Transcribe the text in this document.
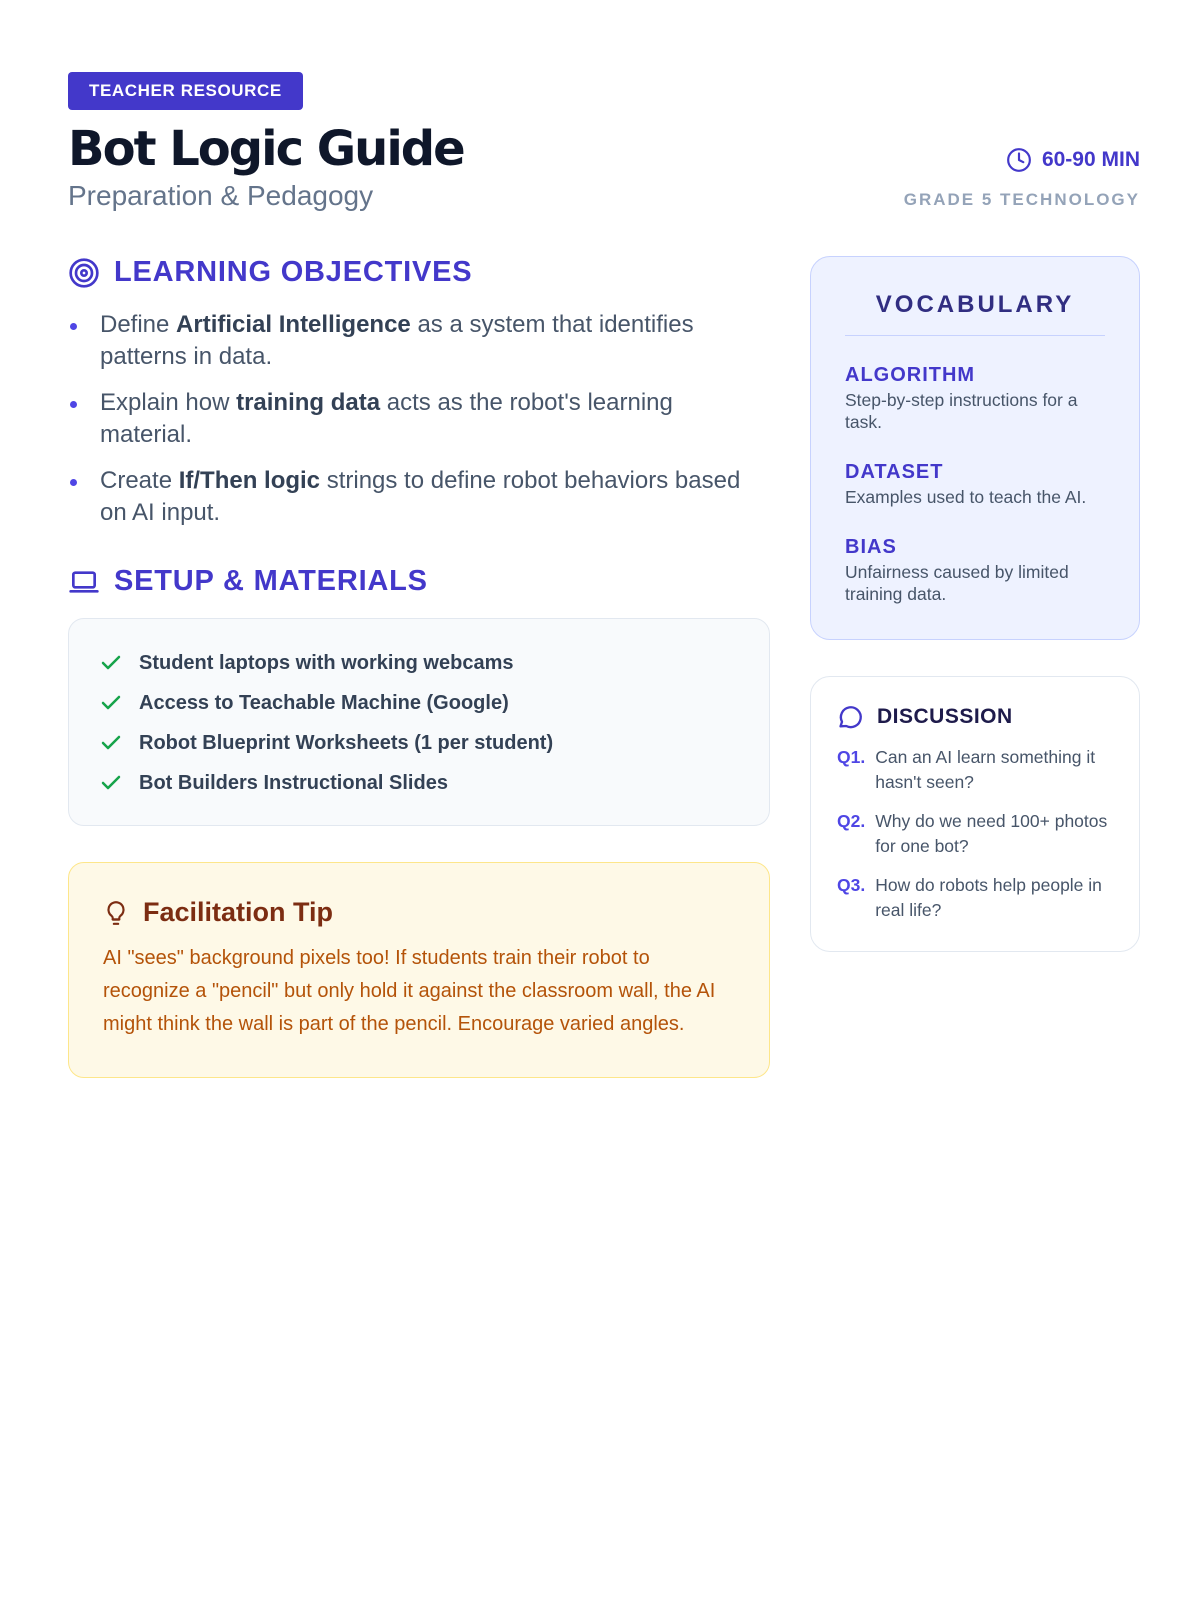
TEACHER RESOURCE
Bot Logic Guide
Preparation & Pedagogy
60-90 MIN
GRADE 5 TECHNOLOGY
LEARNING OBJECTIVES
Define Artificial Intelligence as a system that identifies patterns in data.
Explain how training data acts as the robot's learning material.
Create If/Then logic strings to define robot behaviors based on AI input.
SETUP & MATERIALS
Student laptops with working webcams
Access to Teachable Machine (Google)
Robot Blueprint Worksheets (1 per student)
Bot Builders Instructional Slides
Facilitation Tip

AI "sees" background pixels too! If students train their robot to recognize a "pencil" but only hold it against the classroom wall, the AI might think the wall is part of the pencil. Encourage varied angles.

VOCABULARY
ALGORITHM
Step-by-step instructions for a task.
DATASET
Examples used to teach the AI.
BIAS
Unfairness caused by limited training data.
DISCUSSION
Q1. Can an AI learn something it hasn't seen?
Q2. Why do we need 100+ photos for one bot?
Q3. How do robots help people in real life?
